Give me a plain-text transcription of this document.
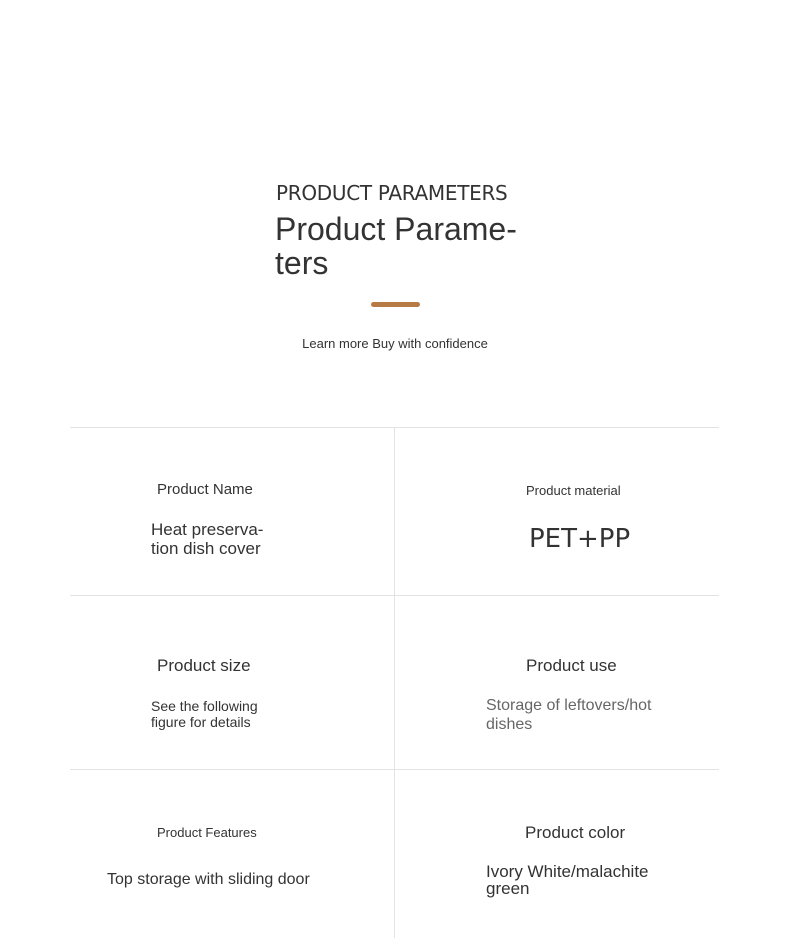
PRODUCT PARAMETERS
Product Parame-
ters
Learn more Buy with confidence
Product Name
Heat preserva-
tion dish cover
Product material
PET+PP
Product size
See the following
figure for details
Product use
Storage of leftovers/hot
dishes
Product Features
Top storage with sliding door
Product color
Ivory White/malachite
green
